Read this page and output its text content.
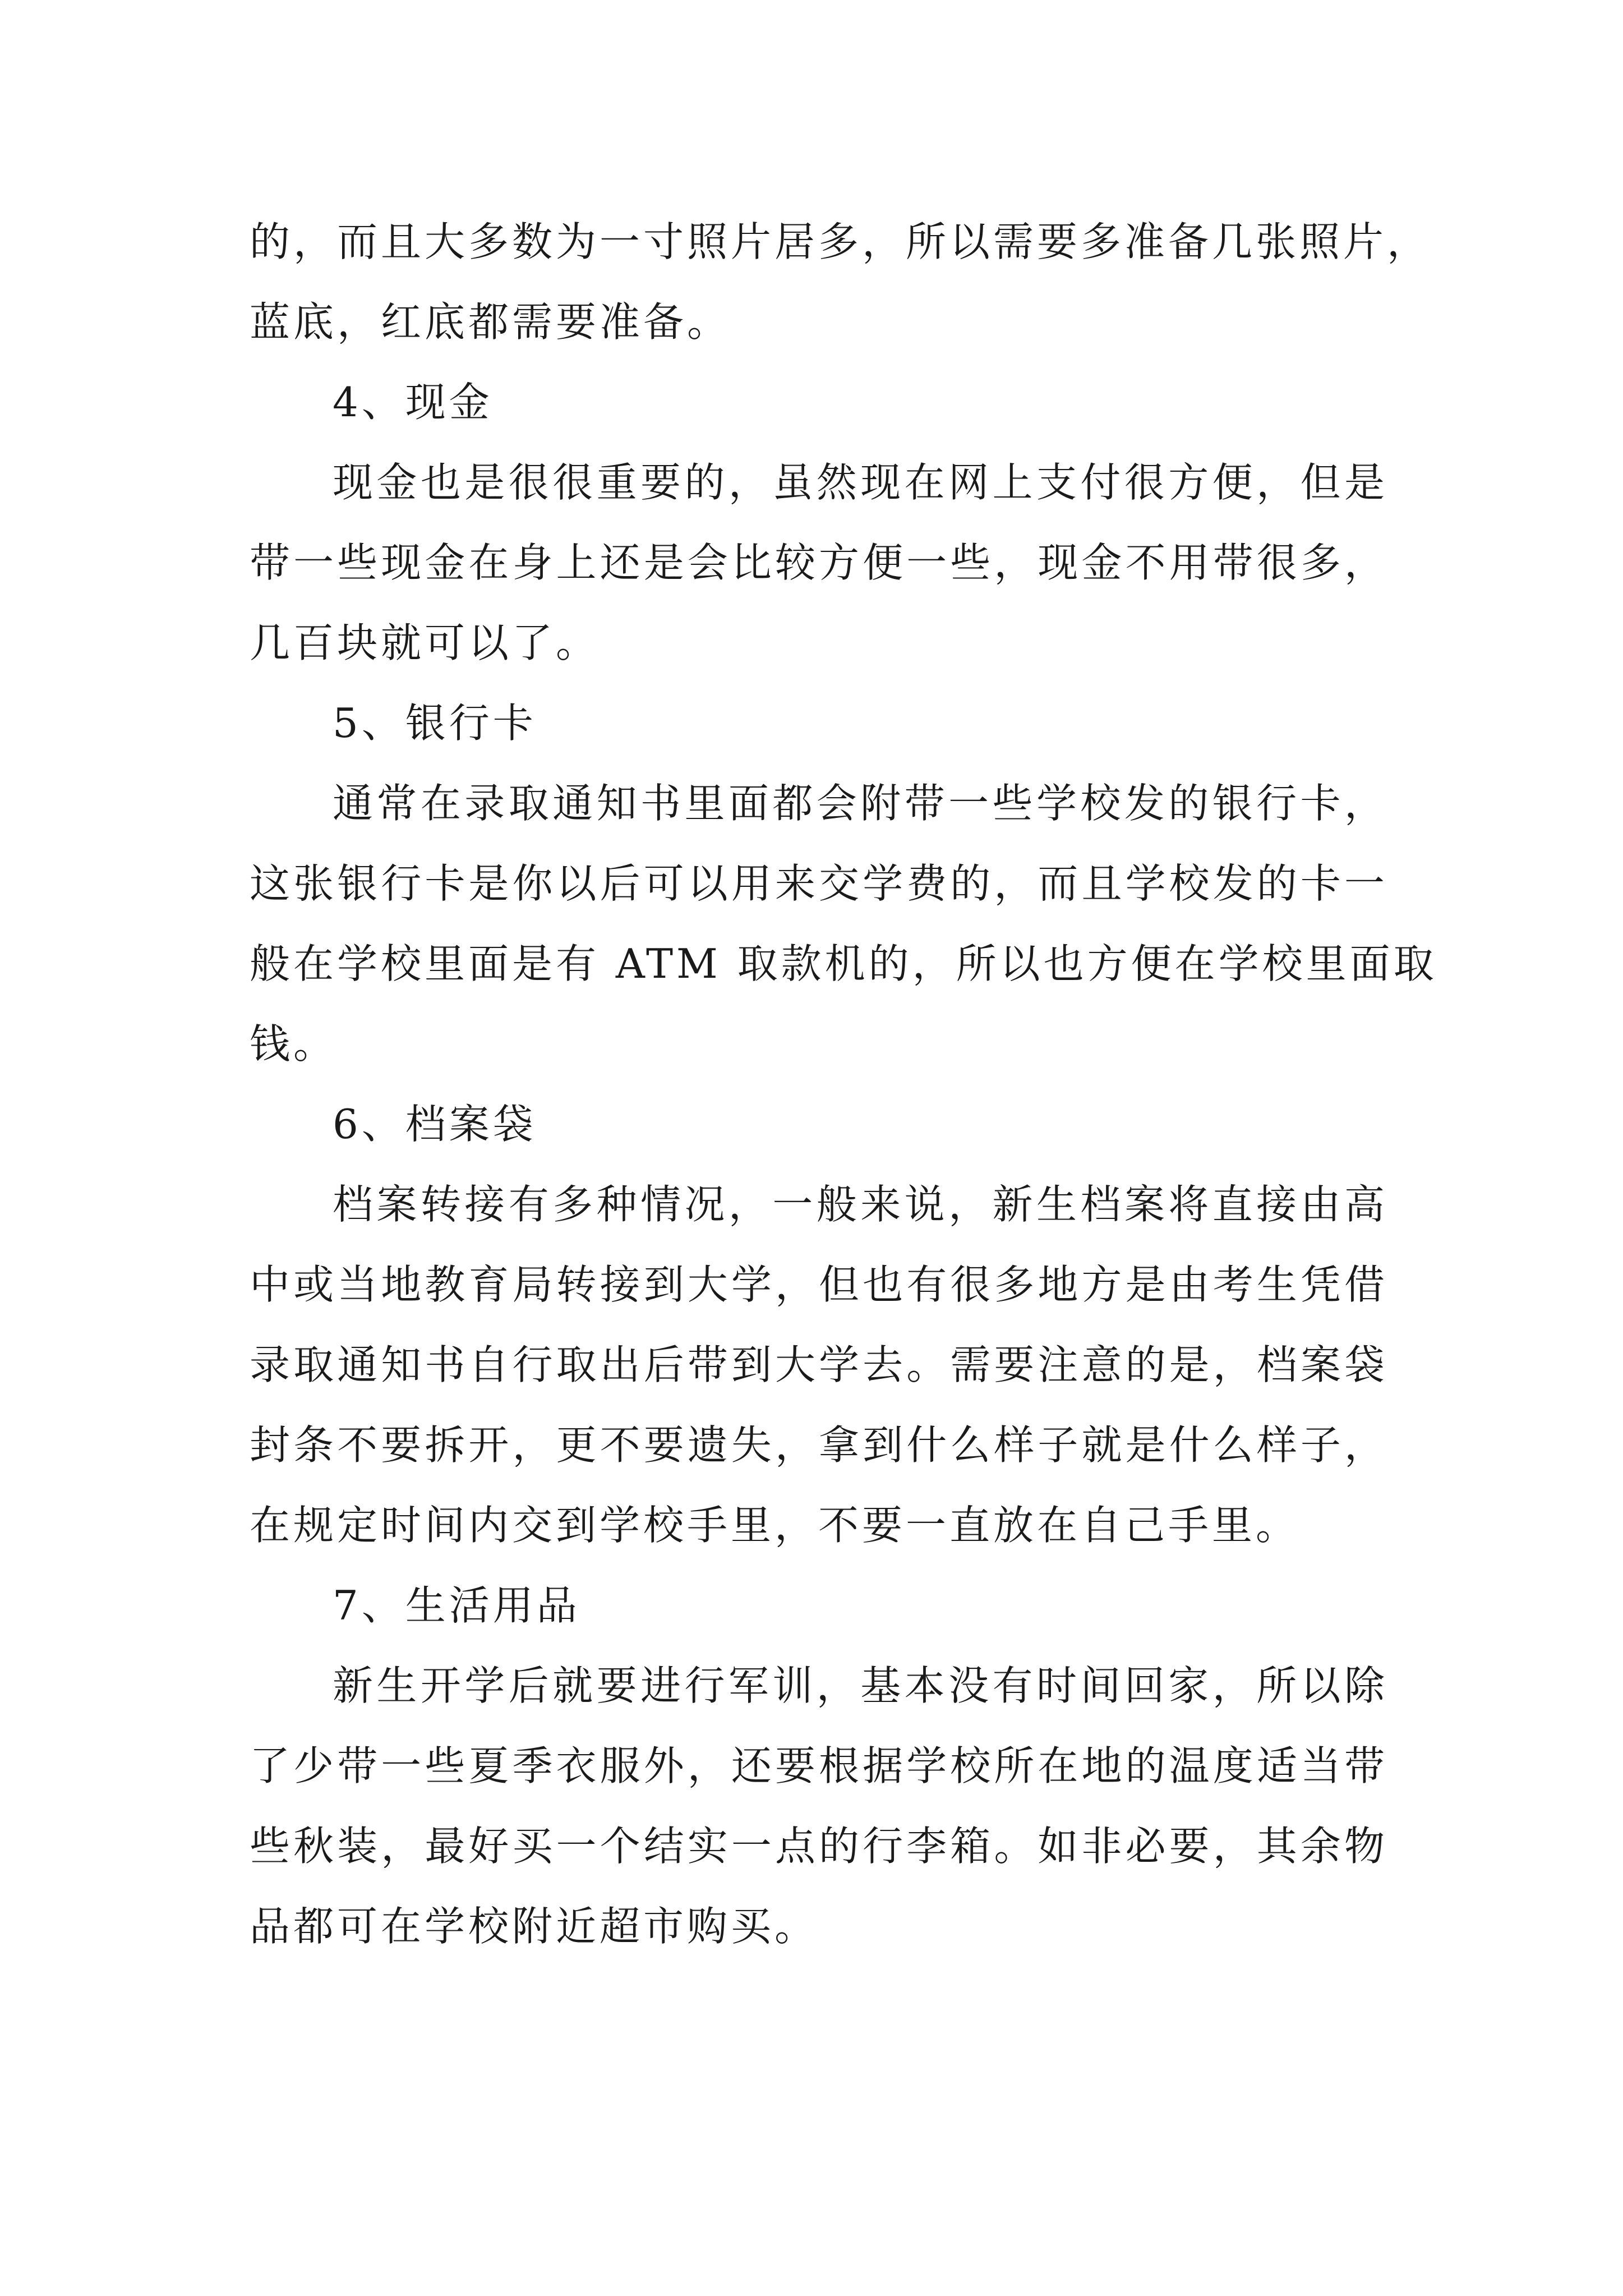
的，而且大多数为一寸照片居多，所以需要多准备几张照片，
蓝底，红底都需要准备。
4、现金
现金也是很很重要的，虽然现在网上支付很方便，但是
带一些现金在身上还是会比较方便一些，现金不用带很多，
几百块就可以了。
5、银行卡
通常在录取通知书里面都会附带一些学校发的银行卡，
这张银行卡是你以后可以用来交学费的，而且学校发的卡一
般在学校里面是有 ATM 取款机的，所以也方便在学校里面取
钱。
6、档案袋
档案转接有多种情况，一般来说，新生档案将直接由高
中或当地教育局转接到大学，但也有很多地方是由考生凭借
录取通知书自行取出后带到大学去。需要注意的是，档案袋
封条不要拆开，更不要遗失，拿到什么样子就是什么样子，
在规定时间内交到学校手里，不要一直放在自己手里。
7、生活用品
新生开学后就要进行军训，基本没有时间回家，所以除
了少带一些夏季衣服外，还要根据学校所在地的温度适当带
些秋装，最好买一个结实一点的行李箱。如非必要，其余物
品都可在学校附近超市购买。
